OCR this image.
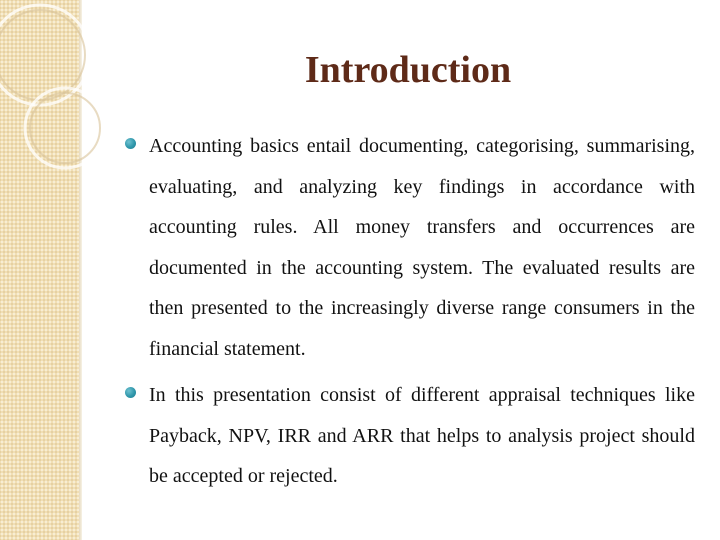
Introduction
Accounting basics entail documenting, categorising, summarising, evaluating, and analyzing key findings in accordance with accounting rules. All money transfers and occurrences are documented in the accounting system. The evaluated results are then presented to the increasingly diverse range consumers in the financial statement.
In this presentation consist of different appraisal techniques like Payback, NPV, IRR and ARR that helps to analysis project should be accepted or rejected.
